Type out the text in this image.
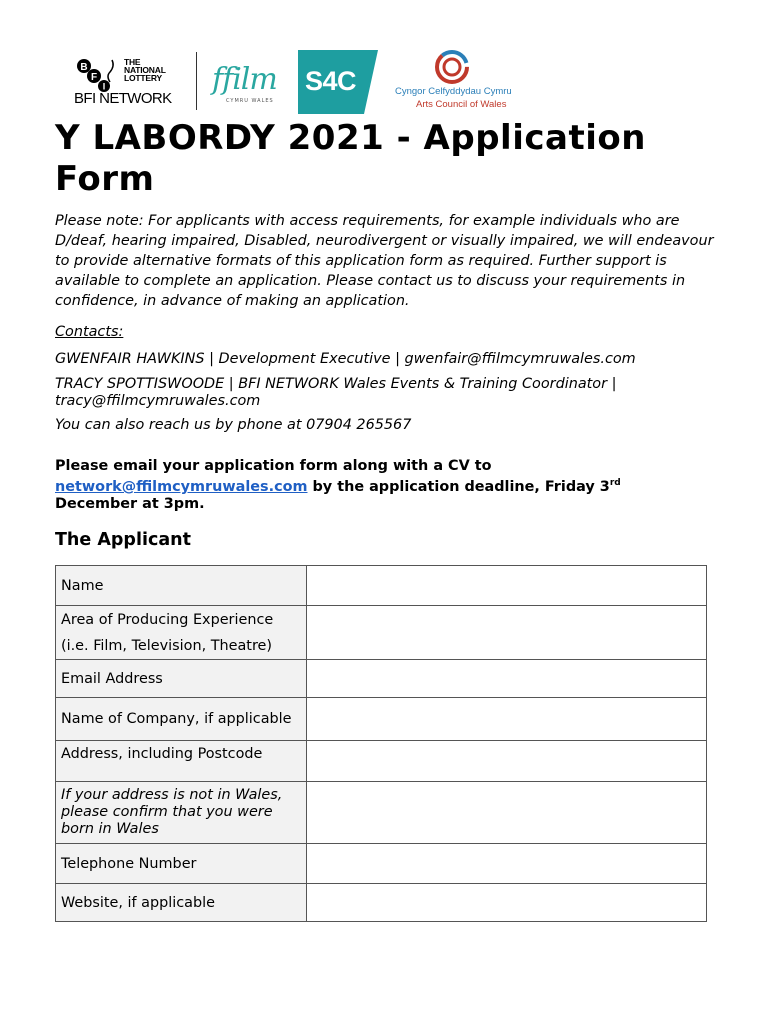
B
F
I
THE
NATIONAL
LOTTERY
BFI NETWORK
ffilm
CYMRU WALES
S4C	Cyngor Celfyddydau Cymru
Arts Council of Wales
Y LABORDY 2021 - Application Form

Please note: For applicants with access requirements, for example individuals who are D/deaf, hearing impaired, Disabled, neurodivergent or visually impaired, we will endeavour to provide alternative formats of this application form as required. Further support is available to complete an application. Please contact us to discuss your requirements in confidence, in advance of making an application.

Contacts:
GWENFAIR HAWKINS | Development Executive | gwenfair@ffilmcymruwales.com
TRACY SPOTTISWOODE | BFI NETWORK Wales Events & Training Coordinator | tracy@ffilmcymruwales.com
You can also reach us by phone at 07904 265567
Please email your application form along with a CV to network@ffilmcymruwales.com by the application deadline, Friday 3rd December at 3pm.
The Applicant
Name	
Area of Producing Experience
(i.e. Film, Television, Theatre)	

Email Address	
Name of Company, if applicable	
Address, including Postcode	
If your address is not in Wales, please confirm that you were born in Wales	
Telephone Number	
Website, if applicable	
